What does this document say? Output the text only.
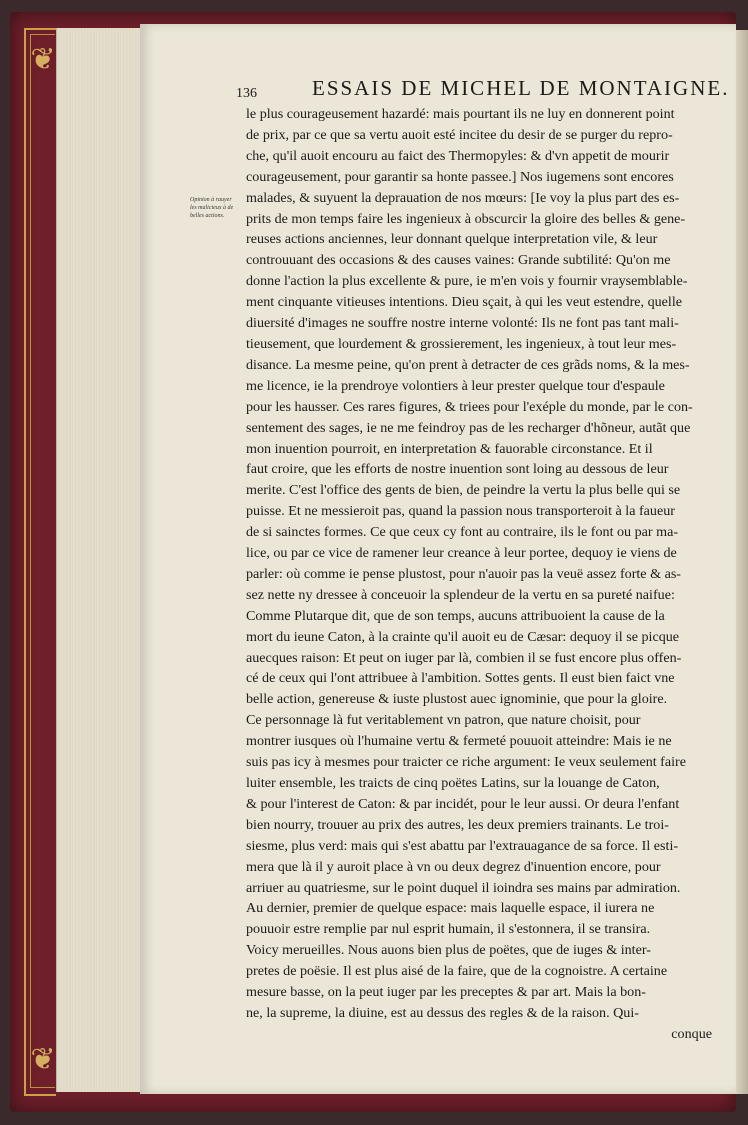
❦
❦
136	ESSAIS DE MICHEL DE MONTAIGNE.
Opinion à rauyer
les malicieux à de
belles actions.
le plus courageusement hazardé: mais pourtant ils ne luy en donnerent point
de prix, par ce que sa vertu auoit esté incitee du desir de se purger du repro-
che, qu'il auoit encouru au faict des Thermopyles: & d'vn appetit de mourir
courageusement, pour garantir sa honte passee.] Nos iugemens sont encores
malades, & suyuent la deprauation de nos mœurs: [Ie voy la plus part des es-
prits de mon temps faire les ingenieux à obscurcir la gloire des belles & gene-
reuses actions anciennes, leur donnant quelque interpretation vile, & leur
controuuant des occasions & des causes vaines: Grande subtilité: Qu'on me
donne l'action la plus excellente & pure, ie m'en vois y fournir vraysemblable-
ment cinquante vitieuses intentions. Dieu sçait, à qui les veut estendre, quelle
diuersité d'images ne souffre nostre interne volonté: Ils ne font pas tant mali-
tieusement, que lourdement & grossierement, les ingenieux, à tout leur mes-
disance. La mesme peine, qu'on prent à detracter de ces grãds noms, & la mes-
me licence, ie la prendroye volontiers à leur prester quelque tour d'espaule
pour les hausser. Ces rares figures, & triees pour l'exéple du monde, par le con-
sentement des sages, ie ne me feindroy pas de les recharger d'hõneur, autãt que
mon inuention pourroit, en interpretation & fauorable circonstance. Et il
faut croire, que les efforts de nostre inuention sont loing au dessous de leur
merite. C'est l'office des gents de bien, de peindre la vertu la plus belle qui se
puisse. Et ne messieroit pas, quand la passion nous transporteroit à la faueur
de si sainctes formes. Ce que ceux cy font au contraire, ils le font ou par ma-
lice, ou par ce vice de ramener leur creance à leur portee, dequoy ie viens de
parler: où comme ie pense plustost, pour n'auoir pas la veuë assez forte & as-
sez nette ny dressee à conceuoir la splendeur de la vertu en sa pureté naifue:
Comme Plutarque dit, que de son temps, aucuns attribuoient la cause de la
mort du ieune Caton, à la crainte qu'il auoit eu de Cæsar: dequoy il se picque
auecques raison: Et peut on iuger par là, combien il se fust encore plus offen-
cé de ceux qui l'ont attribuee à l'ambition. Sottes gents. Il eust bien faict vne
belle action, genereuse & iuste plustost auec ignominie, que pour la gloire.
Ce personnage là fut veritablement vn patron, que nature choisit, pour
montrer iusques où l'humaine vertu & fermeté pouuoit atteindre: Mais ie ne
suis pas icy à mesmes pour traicter ce riche argument: Ie veux seulement faire
luiter ensemble, les traicts de cinq poëtes Latins, sur la louange de Caton,
& pour l'interest de Caton: & par incidét, pour le leur aussi. Or deura l'enfant
bien nourry, trouuer au prix des autres, les deux premiers trainants. Le troi-
siesme, plus verd: mais qui s'est abattu par l'extrauagance de sa force. Il esti-
mera que là il y auroit place à vn ou deux degrez d'inuention encore, pour
arriuer au quatriesme, sur le point duquel il ioindra ses mains par admiration.
Au dernier, premier de quelque espace: mais laquelle espace, il iurera ne
pouuoir estre remplie par nul esprit humain, il s'estonnera, il se transira.
Voicy merueilles. Nous auons bien plus de poëtes, que de iuges & inter-
pretes de poësie. Il est plus aisé de la faire, que de la cognoistre. A certaine
mesure basse, on la peut iuger par les preceptes & par art. Mais la bon-
ne, la supreme, la diuine, est au dessus des regles & de la raison. Qui-
conque
